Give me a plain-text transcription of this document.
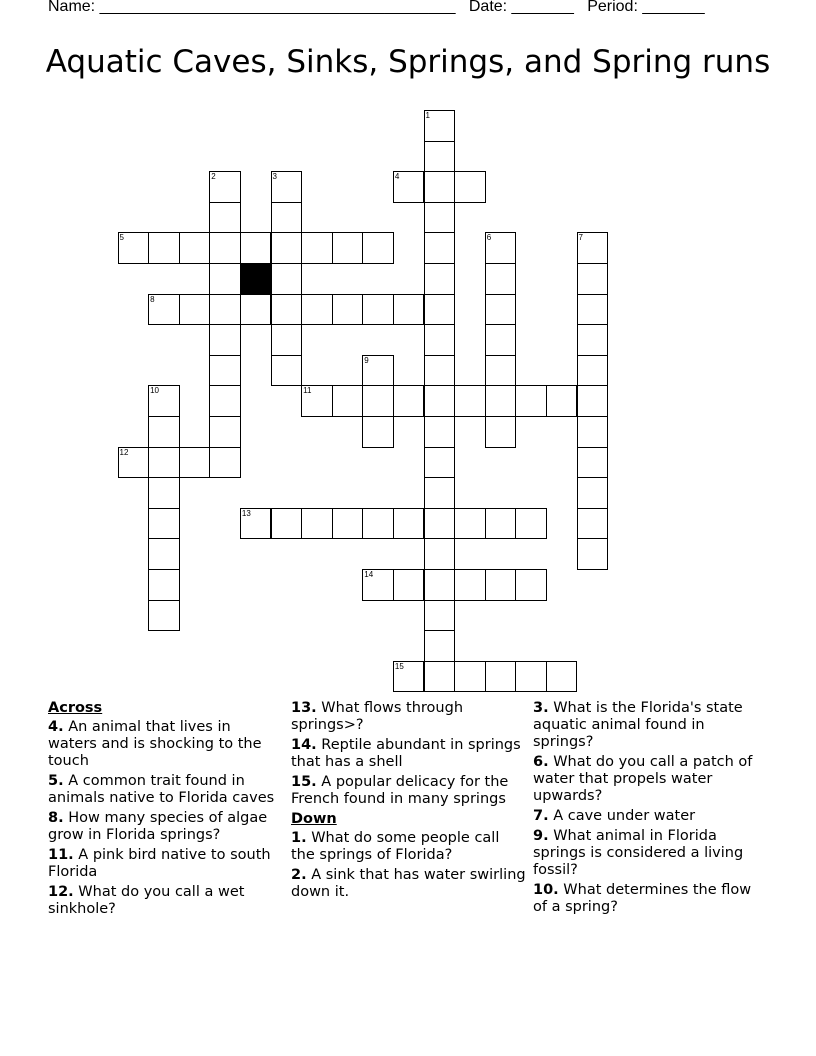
Name: ________________________________________ Date: _______ Period: _______
Aquatic Caves, Sinks, Springs, and Spring runs
4
5
8
11
12
13
14
15
1
2	3
6	7
9
10
Across
4. An animal that lives in waters and is shocking to the touch
5. A common trait found in animals native to Florida caves
8. How many species of algae grow in Florida springs?
11. A pink bird native to south Florida
12. What do you call a wet sinkhole?
13. What flows through springs>?
14. Reptile abundant in springs that has a shell
15. A popular delicacy for the French found in many springs
Down
1. What do some people call the springs of Florida?
2. A sink that has water swirling down it.
3. What is the Florida's state aquatic animal found in springs?
6. What do you call a patch of water that propels water upwards?
7. A cave under water
9. What animal in Florida springs is considered a living fossil?
10. What determines the flow of a spring?
